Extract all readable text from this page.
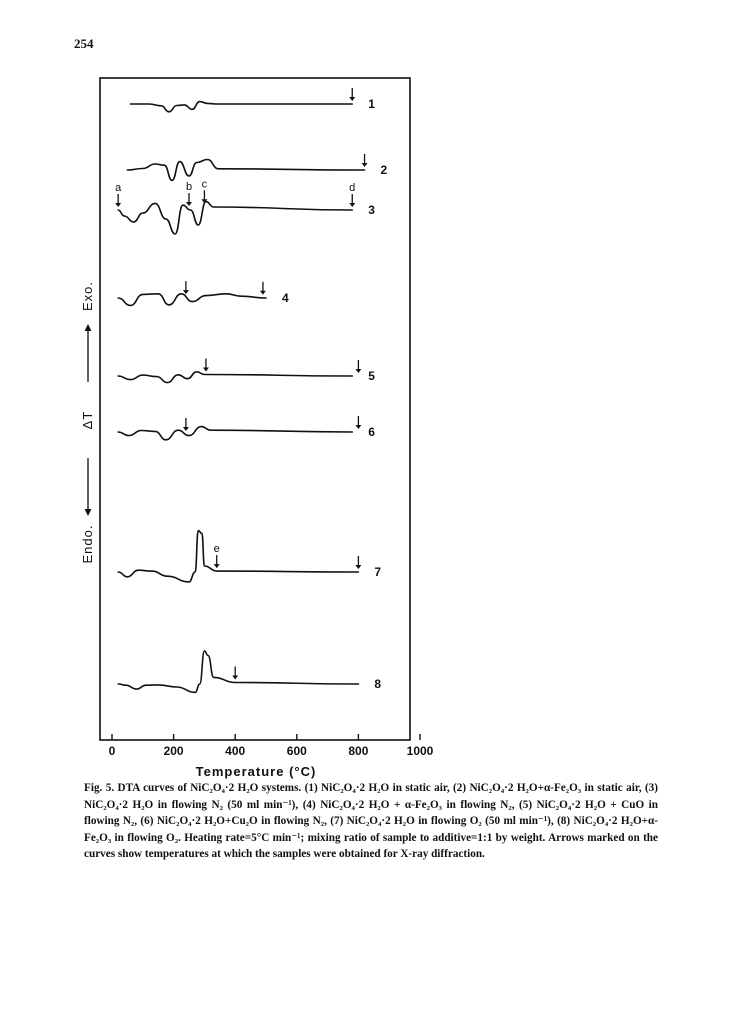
254
0	200	400	600	800	1000
1
2
3
a	b c	d
4
5
6
7
e
8
Temperature (°C)
Endo.
ΔT
Exo.
Fig. 5. DTA curves of NiC₂O₄·2 H₂O systems. (1) NiC₂O₄·2 H₂O in static air, (2) NiC₂O₄·2 H₂O+α-Fe₂O₃ in static air, (3) NiC₂O₄·2 H₂O in flowing N₂ (50 ml min⁻¹), (4) NiC₂O₄·2 H₂O + α-Fe₂O₃ in flowing N₂, (5) NiC₂O₄·2 H₂O + CuO in flowing N₂, (6) NiC₂O₄·2 H₂O+Cu₂O in flowing N₂, (7) NiC₂O₄·2 H₂O in flowing O₂ (50 ml min⁻¹), (8) NiC₂O₄·2 H₂O+α-Fe₂O₃ in flowing O₂. Heating rate=5°C min⁻¹; mixing ratio of sample to additive=1:1 by weight. Arrows marked on the curves show temperatures at which the samples were obtained for X-ray diffraction.
